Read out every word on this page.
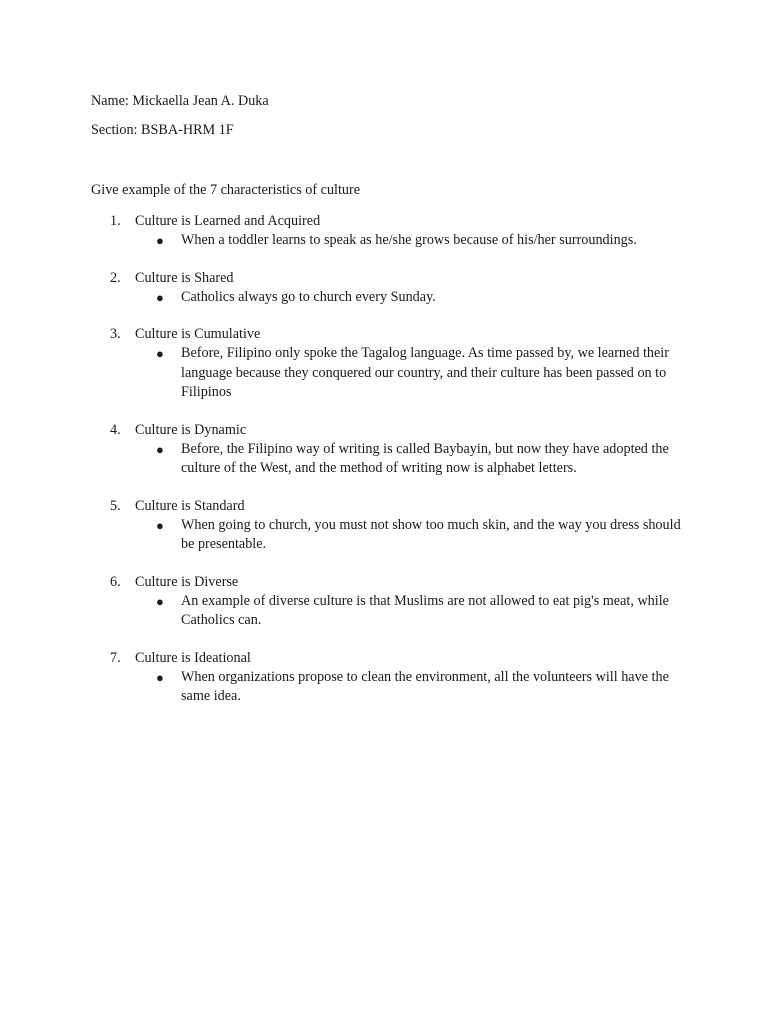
Name: Mickaella Jean A. Duka
Section: BSBA-HRM 1F
Give example of the 7 characteristics of culture
1.	Culture is Learned and Acquired
● When a toddler learns to speak as he/she grows because of his/her surroundings.
2.	Culture is Shared
● Catholics always go to church every Sunday.
3.	Culture is Cumulative
● Before, Filipino only spoke the Tagalog language. As time passed by, we learned their language because they conquered our country, and their culture has been passed on to Filipinos
4.	Culture is Dynamic
● Before, the Filipino way of writing is called Baybayin, but now they have adopted the culture of the West, and the method of writing now is alphabet letters.
5.	Culture is Standard
● When going to church, you must not show too much skin, and the way you dress should be presentable.
6.	Culture is Diverse
● An example of diverse culture is that Muslims are not allowed to eat pig's meat, while Catholics can.
7.	Culture is Ideational
● When organizations propose to clean the environment, all the volunteers will have the same idea.
